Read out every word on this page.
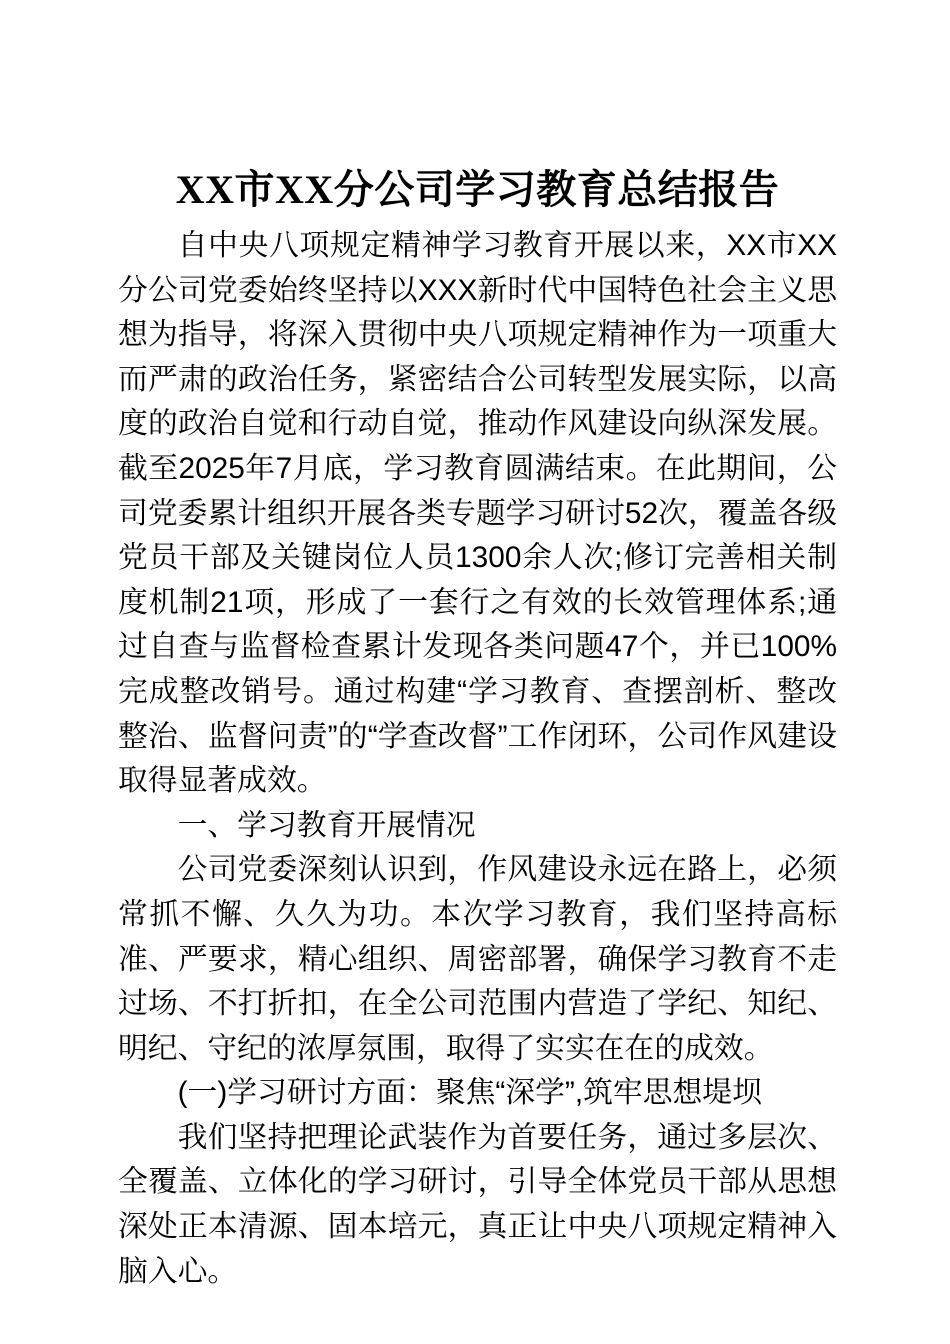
XX市XX分公司学习教育总结报告

自中央八项规定精神学习教育开展以来，XX市XX分公司党委始终坚持以XXX新时代中国特色社会主义思想为指导，将深入贯彻中央八项规定精神作为一项重大而严肃的政治任务，紧密结合公司转型发展实际，以高度的政治自觉和行动自觉，推动作风建设向纵深发展。截至2025年7月底，学习教育圆满结束。在此期间，公司党委累计组织开展各类专题学习研讨52次，覆盖各级党员干部及关键岗位人员1300余人次;修订完善相关制度机制21项，形成了一套行之有效的长效管理体系;通过自查与监督检查累计发现各类问题47个，并已100%完成整改销号。通过构建“学习教育、查摆剖析、整改整治、监督问责”的“学查改督”工作闭环，公司作风建设取得显著成效。

一、学习教育开展情况

公司党委深刻认识到，作风建设永远在路上，必须常抓不懈、久久为功。本次学习教育，我们坚持高标准、严要求，精心组织、周密部署，确保学习教育不走过场、不打折扣，在全公司范围内营造了学纪、知纪、明纪、守纪的浓厚氛围，取得了实实在在的成效。

(一)学习研讨方面：聚焦“深学”,筑牢思想堤坝

我们坚持把理论武装作为首要任务，通过多层次、全覆盖、立体化的学习研讨，引导全体党员干部从思想深处正本清源、固本培元，真正让中央八项规定精神入脑入心。
